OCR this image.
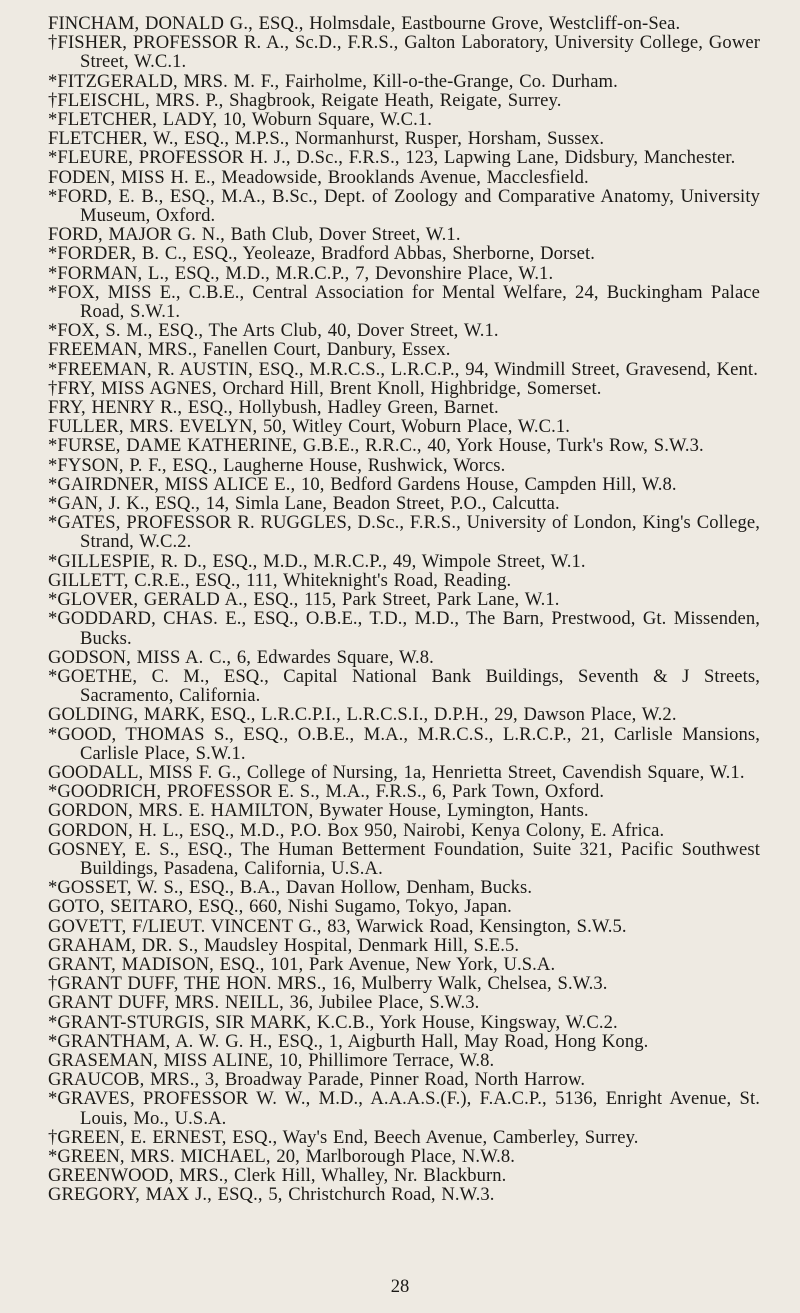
FINCHAM, DONALD G., ESQ., Holmsdale, Eastbourne Grove, Westcliff-on-Sea.
†FISHER, PROFESSOR R. A., Sc.D., F.R.S., Galton Laboratory, University College, Gower Street, W.C.1.
*FITZGERALD, MRS. M. F., Fairholme, Kill-o-the-Grange, Co. Durham.
†FLEISCHL, MRS. P., Shagbrook, Reigate Heath, Reigate, Surrey.
*FLETCHER, LADY, 10, Woburn Square, W.C.1.
FLETCHER, W., ESQ., M.P.S., Normanhurst, Rusper, Horsham, Sussex.
*FLEURE, PROFESSOR H. J., D.Sc., F.R.S., 123, Lapwing Lane, Didsbury, Manchester.
FODEN, MISS H. E., Meadowside, Brooklands Avenue, Macclesfield.
*FORD, E. B., ESQ., M.A., B.Sc., Dept. of Zoology and Comparative Anatomy, University Museum, Oxford.
FORD, MAJOR G. N., Bath Club, Dover Street, W.1.
*FORDER, B. C., ESQ., Yeoleaze, Bradford Abbas, Sherborne, Dorset.
*FORMAN, L., ESQ., M.D., M.R.C.P., 7, Devonshire Place, W.1.
*FOX, MISS E., C.B.E., Central Association for Mental Welfare, 24, Buckingham Palace Road, S.W.1.
*FOX, S. M., ESQ., The Arts Club, 40, Dover Street, W.1.
FREEMAN, MRS., Fanellen Court, Danbury, Essex.
*FREEMAN, R. AUSTIN, ESQ., M.R.C.S., L.R.C.P., 94, Windmill Street, Gravesend, Kent.
†FRY, MISS AGNES, Orchard Hill, Brent Knoll, Highbridge, Somerset.
FRY, HENRY R., ESQ., Hollybush, Hadley Green, Barnet.
FULLER, MRS. EVELYN, 50, Witley Court, Woburn Place, W.C.1.
*FURSE, DAME KATHERINE, G.B.E., R.R.C., 40, York House, Turk's Row, S.W.3.
*FYSON, P. F., ESQ., Laugherne House, Rushwick, Worcs.
*GAIRDNER, MISS ALICE E., 10, Bedford Gardens House, Campden Hill, W.8.
*GAN, J. K., ESQ., 14, Simla Lane, Beadon Street, P.O., Calcutta.
*GATES, PROFESSOR R. RUGGLES, D.Sc., F.R.S., University of London, King's College, Strand, W.C.2.
*GILLESPIE, R. D., ESQ., M.D., M.R.C.P., 49, Wimpole Street, W.1.
GILLETT, C.R.E., ESQ., 111, Whiteknight's Road, Reading.
*GLOVER, GERALD A., ESQ., 115, Park Street, Park Lane, W.1.
*GODDARD, CHAS. E., ESQ., O.B.E., T.D., M.D., The Barn, Prestwood, Gt. Missenden, Bucks.
GODSON, MISS A. C., 6, Edwardes Square, W.8.
*GOETHE, C. M., ESQ., Capital National Bank Buildings, Seventh & J Streets, Sacramento, California.
GOLDING, MARK, ESQ., L.R.C.P.I., L.R.C.S.I., D.P.H., 29, Dawson Place, W.2.
*GOOD, THOMAS S., ESQ., O.B.E., M.A., M.R.C.S., L.R.C.P., 21, Carlisle Mansions, Carlisle Place, S.W.1.
GOODALL, MISS F. G., College of Nursing, 1a, Henrietta Street, Cavendish Square, W.1.
*GOODRICH, PROFESSOR E. S., M.A., F.R.S., 6, Park Town, Oxford.
GORDON, MRS. E. HAMILTON, Bywater House, Lymington, Hants.
GORDON, H. L., ESQ., M.D., P.O. Box 950, Nairobi, Kenya Colony, E. Africa.
GOSNEY, E. S., ESQ., The Human Betterment Foundation, Suite 321, Pacific Southwest Buildings, Pasadena, California, U.S.A.
*GOSSET, W. S., ESQ., B.A., Davan Hollow, Denham, Bucks.
GOTO, SEITARO, ESQ., 660, Nishi Sugamo, Tokyo, Japan.
GOVETT, F/LIEUT. VINCENT G., 83, Warwick Road, Kensington, S.W.5.
GRAHAM, DR. S., Maudsley Hospital, Denmark Hill, S.E.5.
GRANT, MADISON, ESQ., 101, Park Avenue, New York, U.S.A.
†GRANT DUFF, THE HON. MRS., 16, Mulberry Walk, Chelsea, S.W.3.
GRANT DUFF, MRS. NEILL, 36, Jubilee Place, S.W.3.
*GRANT-STURGIS, SIR MARK, K.C.B., York House, Kingsway, W.C.2.
*GRANTHAM, A. W. G. H., ESQ., 1, Aigburth Hall, May Road, Hong Kong.
GRASEMAN, MISS ALINE, 10, Phillimore Terrace, W.8.
GRAUCOB, MRS., 3, Broadway Parade, Pinner Road, North Harrow.
*GRAVES, PROFESSOR W. W., M.D., A.A.A.S.(F.), F.A.C.P., 5136, Enright Avenue, St. Louis, Mo., U.S.A.
†GREEN, E. ERNEST, ESQ., Way's End, Beech Avenue, Camberley, Surrey.
*GREEN, MRS. MICHAEL, 20, Marlborough Place, N.W.8.
GREENWOOD, MRS., Clerk Hill, Whalley, Nr. Blackburn.
GREGORY, MAX J., ESQ., 5, Christchurch Road, N.W.3.
28
